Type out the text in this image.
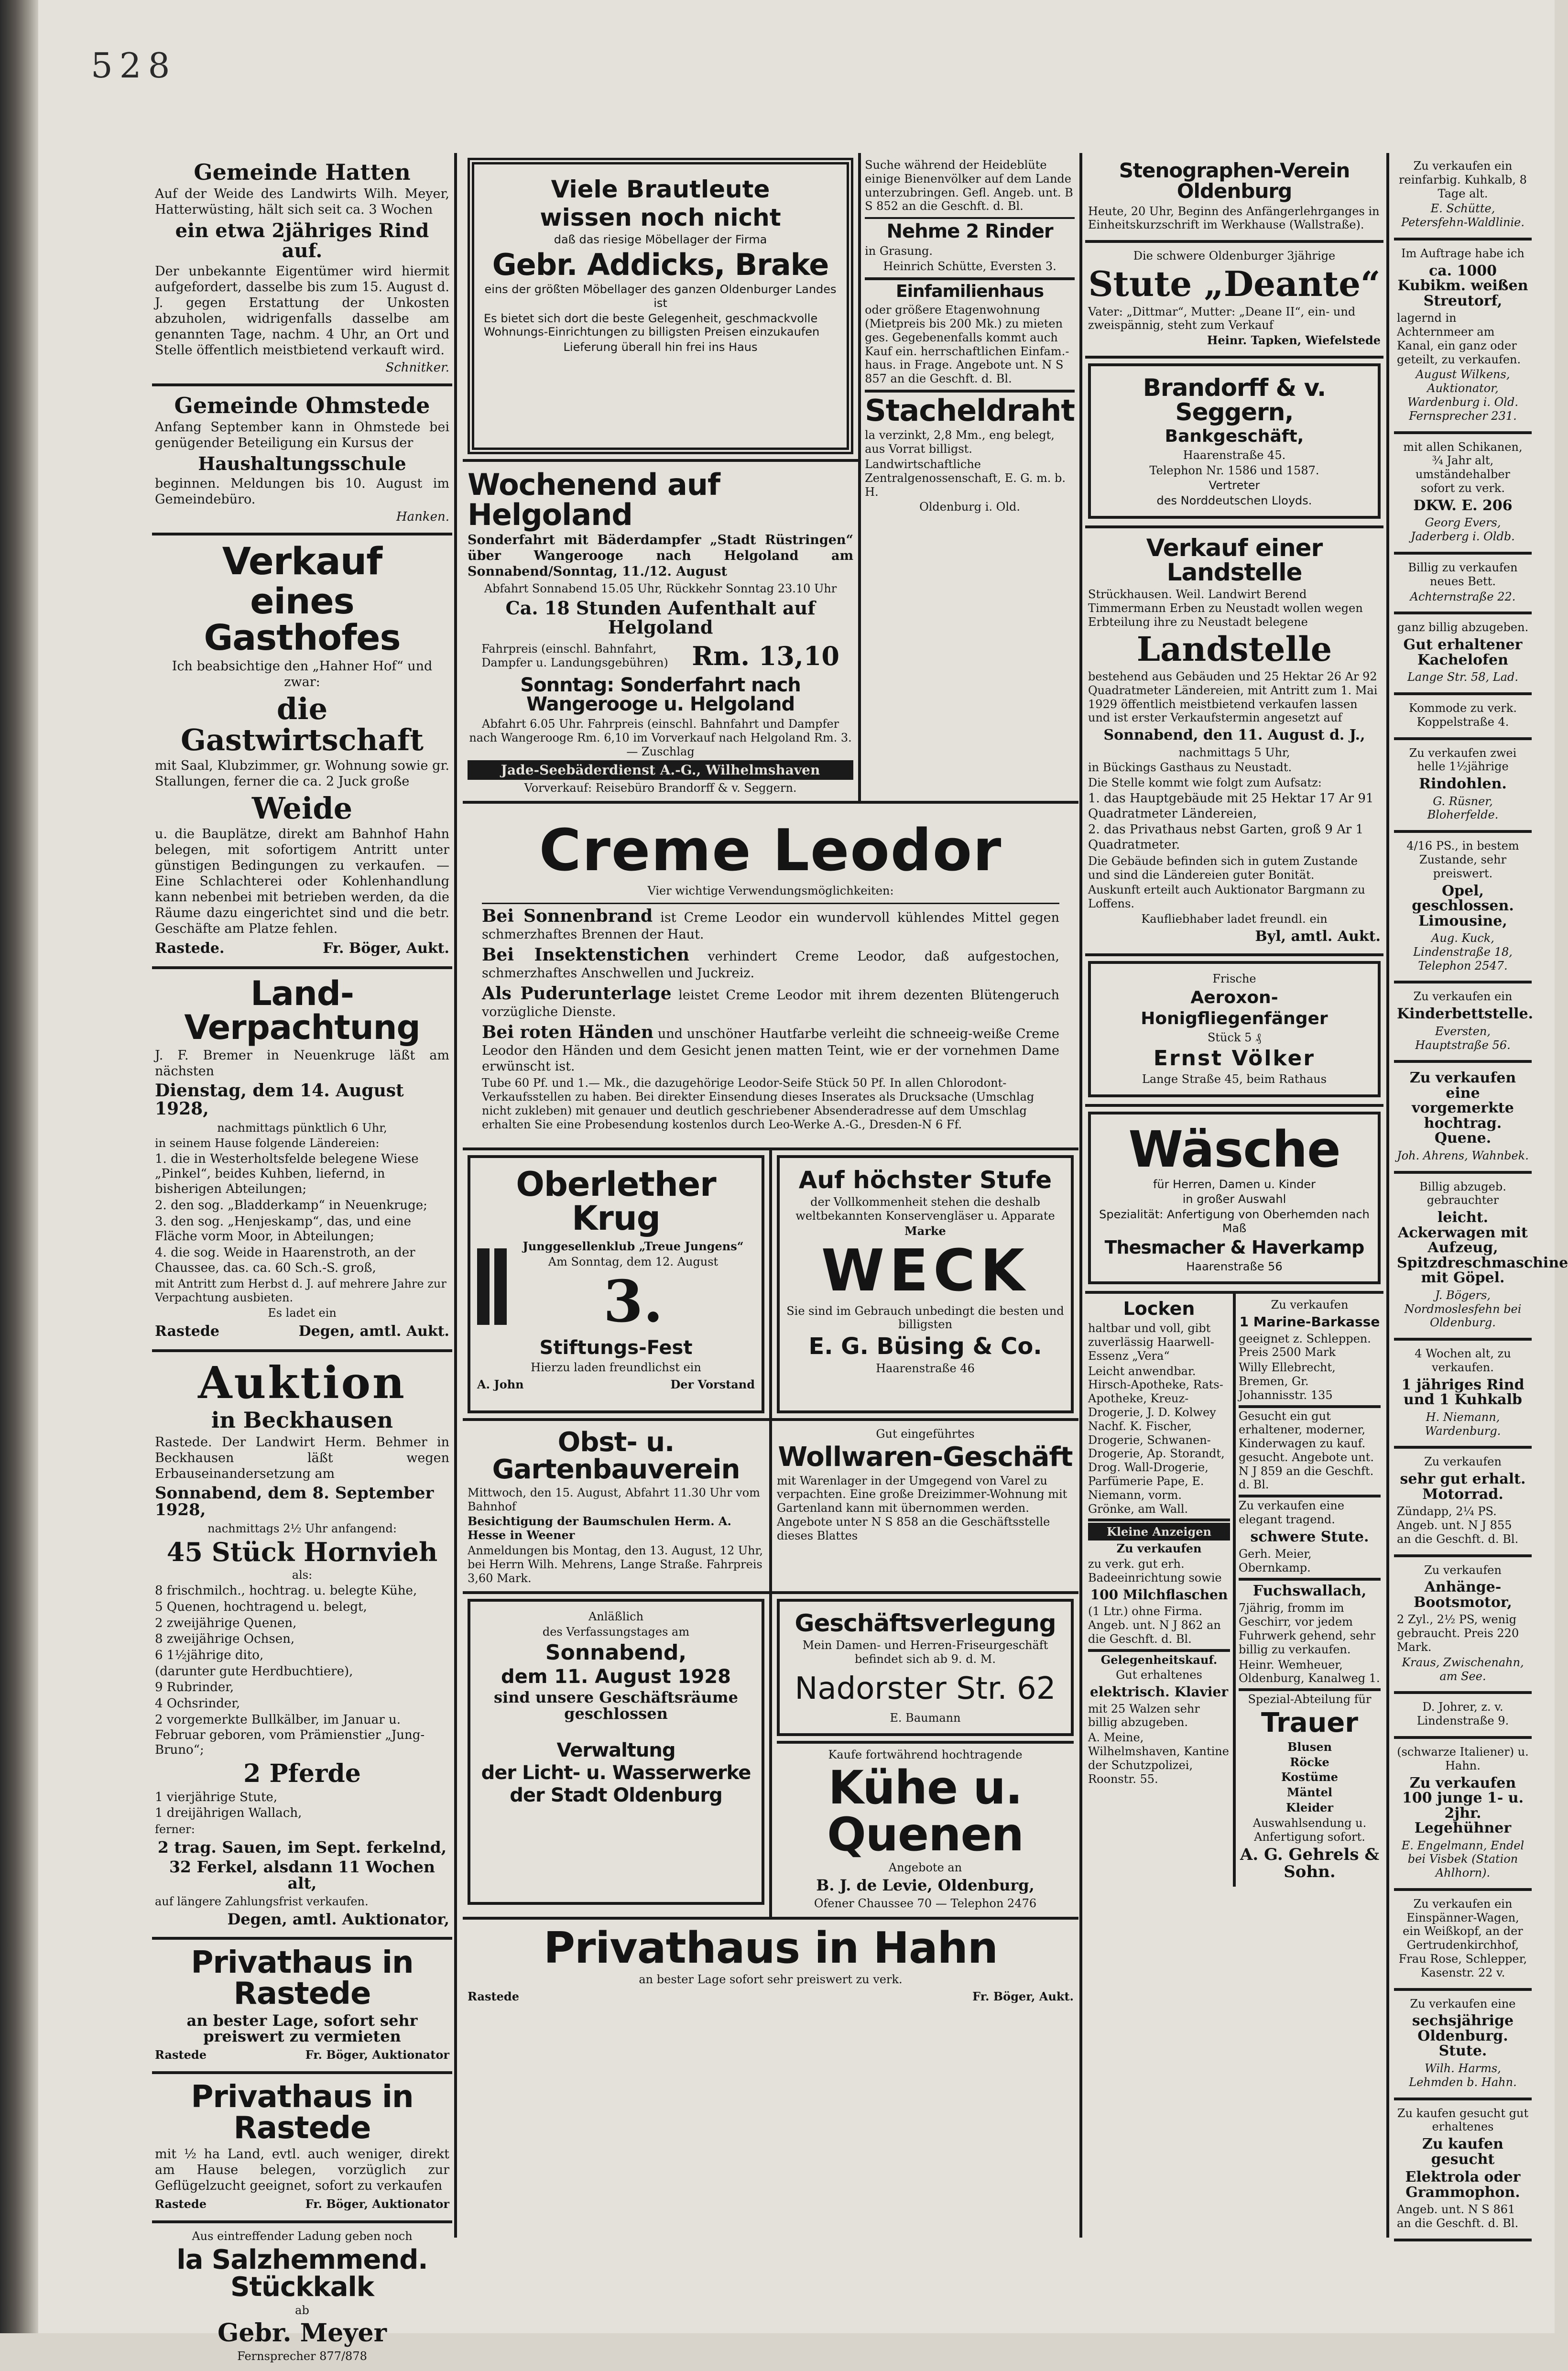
528
Gemeinde Hatten
Auf der Weide des Landwirts Wilh. Meyer, Hatterwüsting, hält sich seit ca. 3 Wochen
ein etwa 2jähriges Rind auf.
Der unbekannte Eigentümer wird hiermit aufgefordert, dasselbe bis zum 15. August d. J. gegen Erstattung der Unkosten abzuholen, widrigenfalls dasselbe am genannten Tage, nachm. 4 Uhr, an Ort und Stelle öffentlich meistbietend verkauft wird.
Schnitker.
Gemeinde Ohmstede
Anfang September kann in Ohmstede bei genügender Beteiligung ein Kursus der
Haushaltungsschule
beginnen. Meldungen bis 10. August im Gemeindebüro.
Hanken.
Verkauf
eines Gasthofes
Ich beabsichtige den „Hahner Hof“ und zwar:
die Gastwirtschaft
mit Saal, Klubzimmer, gr. Wohnung sowie gr. Stallungen, ferner die ca. 2 Juck große
Weide
u. die Bauplätze, direkt am Bahnhof Hahn belegen, mit sofortigem Antritt unter günstigen Bedingungen zu verkaufen. — Eine Schlachterei oder Kohlenhandlung kann nebenbei mit betrieben werden, da die Räume dazu eingerichtet sind und die betr. Geschäfte am Platze fehlen.
Rastede.	Fr. Böger, Aukt.
Land-Verpachtung
J. F. Bremer in Neuenkruge läßt am nächsten
Dienstag, dem 14. August 1928,
nachmittags pünktlich 6 Uhr,
in seinem Hause folgende Ländereien:
1. die in Westerholtsfelde belegene Wiese „Pinkel“, beides Kuhben, liefernd, in bisherigen Abteilungen;
2. den sog. „Bladderkamp“ in Neuenkruge;
3. den sog. „Henjeskamp“, das, und eine Fläche vorm Moor, in Abteilungen;
4. die sog. Weide in Haarenstroth, an der Chaussee, das. ca. 60 Sch.-S. groß,
mit Antritt zum Herbst d. J. auf mehrere Jahre zur Verpachtung ausbieten.
Es ladet ein
Rastede	Degen, amtl. Aukt.
Auktion
in Beckhausen
Rastede. Der Landwirt Herm. Behmer in Beckhausen läßt wegen Erbauseinandersetzung am
Sonnabend, dem 8. September 1928,
nachmittags 2½ Uhr anfangend:
45 Stück Hornvieh
als:
8 frischmilch., hochtrag. u. belegte Kühe,
5 Quenen, hochtragend u. belegt,
2 zweijährige Quenen,
8 zweijährige Ochsen,
6 1½jährige dito,
(darunter gute Herdbuchtiere),
9 Rubrinder,
4 Ochsrinder,
2 vorgemerkte Bullkälber, im Januar u. Februar geboren, vom Prämienstier „Jung-Bruno“;
2 Pferde
1 vierjährige Stute,
1 dreijährigen Wallach,
ferner:
2 trag. Sauen, im Sept. ferkelnd,
32 Ferkel, alsdann 11 Wochen alt,
auf längere Zahlungsfrist verkaufen.
Degen, amtl. Auktionator,
Privathaus in Rastede
an bester Lage, sofort sehr preiswert zu vermieten
Rastede	Fr. Böger, Auktionator
Privathaus in Rastede
mit ½ ha Land, evtl. auch weniger, direkt am Hause belegen, vorzüglich zur Geflügelzucht geeignet, sofort zu verkaufen
Rastede	Fr. Böger, Auktionator
Aus eintreffender Ladung geben noch
la Salzhemmend. Stückkalk
ab
Gebr. Meyer
Fernsprecher 877/878
Viele Brautleute
wissen noch nicht
daß das riesige Möbellager der Firma
Gebr. Addicks, Brake
eins der größten Möbellager des ganzen Oldenburger Landes ist
Es bietet sich dort die beste Gelegenheit, geschmackvolle Wohnungs-Einrichtungen zu billigsten Preisen einzukaufen
Lieferung überall hin frei ins Haus
Wochenend auf Helgoland
Sonderfahrt mit Bäderdampfer „Stadt Rüstringen“ über Wangerooge nach Helgoland am Sonnabend/Sonntag, 11./12. August
Abfahrt Sonnabend 15.05 Uhr, Rückkehr Sonntag 23.10 Uhr
Ca. 18 Stunden Aufenthalt auf Helgoland
Fahrpreis (einschl. Bahnfahrt, Dampfer u. Landungsgebühren) Rm. 13,10
Sonntag: Sonderfahrt nach Wangerooge u. Helgoland
Abfahrt 6.05 Uhr. Fahrpreis (einschl. Bahnfahrt und Dampfer nach Wangerooge Rm. 6,10 im Vorverkauf nach Helgoland Rm. 3.— Zuschlag
Jade-Seebäderdienst A.-G., Wilhelmshaven
Vorverkauf: Reisebüro Brandorff & v. Seggern.
Suche während der Heideblüte einige Bienenvölker auf dem Lande unterzubringen. Gefl. Angeb. unt. B S 852 an die Geschft. d. Bl.
Nehme 2 Rinder
in Grasung.
Heinrich Schütte, Eversten 3.
Einfamilienhaus
oder größere Etagenwohnung (Mietpreis bis 200 Mk.) zu mieten ges. Gegebenenfalls kommt auch Kauf ein. herrschaftlichen Einfam.-haus. in Frage. Angebote unt. N S 857 an die Geschft. d. Bl.
Stacheldraht
la verzinkt, 2,8 Mm., eng belegt, aus Vorrat billigst.
Landwirtschaftliche Zentralgenossenschaft, E. G. m. b. H.
Oldenburg i. Old.
Creme Leodor
Vier wichtige Verwendungsmöglichkeiten:
Bei Sonnenbrand ist Creme Leodor ein wundervoll kühlendes Mittel gegen schmerzhaftes Brennen der Haut.
Bei Insektenstichen verhindert Creme Leodor, daß aufgestochen, schmerzhaftes Anschwellen und Juckreiz.
Als Puderunterlage leistet Creme Leodor mit ihrem dezenten Blütengeruch vorzügliche Dienste.
Bei roten Händen und unschöner Hautfarbe verleiht die schneeig-weiße Creme Leodor den Händen und dem Gesicht jenen matten Teint, wie er der vornehmen Dame erwünscht ist.
Tube 60 Pf. und 1.— Mk., die dazugehörige Leodor-Seife Stück 50 Pf. In allen Chlorodont-Verkaufsstellen zu haben. Bei direkter Einsendung dieses Inserates als Drucksache (Umschlag nicht zukleben) mit genauer und deutlich geschriebener Absenderadresse auf dem Umschlag erhalten Sie eine Probesendung kostenlos durch Leo-Werke A.-G., Dresden-N 6 Ff.
Oberlether Krug
Junggesellenklub „Treue Jungens“
Am Sonntag, dem 12. August
3.
Stiftungs-Fest
Hierzu laden freundlichst ein
A. John	Der Vorstand
Auf höchster Stufe
der Vollkommenheit stehen die deshalb weltbekannten Konservengläser u. Apparate
Marke
WECK
Sie sind im Gebrauch unbedingt die besten und billigsten
E. G. Büsing & Co.
Haarenstraße 46
Obst- u. Gartenbauverein
Mittwoch, den 15. August, Abfahrt 11.30 Uhr vom Bahnhof
Besichtigung der Baumschulen Herm. A. Hesse in Weener
Anmeldungen bis Montag, den 13. August, 12 Uhr, bei Herrn Wilh. Mehrens, Lange Straße. Fahrpreis 3,60 Mark.
Gut eingeführtes
Wollwaren-Geschäft
mit Warenlager in der Umgegend von Varel zu verpachten. Eine große Dreizimmer-Wohnung mit Gartenland kann mit übernommen werden. Angebote unter N S 858 an die Geschäftsstelle dieses Blattes
Anläßlich
des Verfassungstages am
Sonnabend,
dem 11. August 1928
sind unsere Geschäftsräume geschlossen
Verwaltung
der Licht- u. Wasserwerke
der Stadt Oldenburg
Geschäftsverlegung
Mein Damen- und Herren-Friseurgeschäft befindet sich ab 9. d. M.
Nadorster Str. 62
E. Baumann
Kaufe fortwährend hochtragende
Kühe u. Quenen
Angebote an
B. J. de Levie, Oldenburg,
Ofener Chaussee 70 — Telephon 2476
Privathaus in Hahn
an bester Lage sofort sehr preiswert zu verk.
Rastede	Fr. Böger, Aukt.
Stenographen-Verein Oldenburg
Heute, 20 Uhr, Beginn des Anfängerlehrganges in Einheitskurzschrift im Werkhause (Wallstraße).
Die schwere Oldenburger 3jährige
Stute „Deante“
Vater: „Dittmar“, Mutter: „Deane II“, ein- und zweispännig, steht zum Verkauf
Heinr. Tapken, Wiefelstede
Brandorff & v. Seggern,
Bankgeschäft,
Haarenstraße 45.
Telephon Nr. 1586 und 1587.
Vertreter
des Norddeutschen Lloyds.
Verkauf einer Landstelle
Strückhausen. Weil. Landwirt Berend Timmermann Erben zu Neustadt wollen wegen Erbteilung ihre zu Neustadt belegene
Landstelle
bestehend aus Gebäuden und 25 Hektar 26 Ar 92 Quadratmeter Ländereien, mit Antritt zum 1. Mai 1929 öffentlich meistbietend verkaufen lassen und ist erster Verkaufstermin angesetzt auf
Sonnabend, den 11. August d. J.,
nachmittags 5 Uhr,
in Bückings Gasthaus zu Neustadt.
Die Stelle kommt wie folgt zum Aufsatz:
1. das Hauptgebäude mit 25 Hektar 17 Ar 91 Quadratmeter Ländereien,
2. das Privathaus nebst Garten, groß 9 Ar 1 Quadratmeter.
Die Gebäude befinden sich in gutem Zustande und sind die Ländereien guter Bonität.
Auskunft erteilt auch Auktionator Bargmann zu Loffens.
Kaufliebhaber ladet freundl. ein
Byl, amtl. Aukt.
Frische
Aeroxon-
Honigfliegenfänger
Stück 5 ₰
Ernst Völker
Lange Straße 45, beim Rathaus
Wäsche
für Herren, Damen u. Kinder
in großer Auswahl
Spezialität: Anfertigung von Oberhemden nach Maß
Thesmacher & Haverkamp
Haarenstraße 56
Locken
haltbar und voll, gibt zuverlässig Haarwell-Essenz „Vera“
Leicht anwendbar. Hirsch-Apotheke, Rats-Apotheke, Kreuz-Drogerie, J. D. Kolwey Nachf. K. Fischer, Drogerie, Schwanen-Drogerie, Ap. Storandt, Drog. Wall-Drogerie, Parfümerie Pape, E. Niemann, vorm. Grönke, am Wall.
Kleine Anzeigen
Zu verkaufen
zu verk. gut erh. Badeeinrichtung sowie
100 Milchflaschen
(1 Ltr.) ohne Firma. Angeb. unt. N J 862 an die Geschft. d. Bl.
Gelegenheitskauf.
Gut erhaltenes
elektrisch. Klavier
mit 25 Walzen sehr billig abzugeben.
A. Meine, Wilhelmshaven, Kantine der Schutzpolizei, Roonstr. 55.
Zu verkaufen
1 Marine-Barkasse
geeignet z. Schleppen. Preis 2500 Mark
Willy Ellebrecht, Bremen, Gr. Johannisstr. 135
Gesucht ein gut erhaltener, moderner, Kinderwagen zu kauf. gesucht. Angebote unt. N J 859 an die Geschft. d. Bl.
Zu verkaufen eine elegant tragend.
schwere Stute.
Gerh. Meier, Obernkamp.
Fuchswallach,
7jährig, fromm im Geschirr, vor jedem Fuhrwerk gehend, sehr billig zu verkaufen.
Heinr. Wemheuer, Oldenburg, Kanalweg 1.
Spezial-Abteilung für
Trauer
Blusen
Röcke
Kostüme
Mäntel
Kleider
Auswahlsendung u. Anfertigung sofort.
A. G. Gehrels & Sohn.
Zu verkaufen ein reinfarbig. Kuhkalb, 8 Tage alt.
E. Schütte, Petersfehn-Waldlinie.
Im Auftrage habe ich
ca. 1000 Kubikm. weißen Streutorf,
lagernd in Achternmeer am Kanal, ein ganz oder geteilt, zu verkaufen.
August Wilkens, Auktionator, Wardenburg i. Old. Fernsprecher 231.
mit allen Schikanen, ¾ Jahr alt, umständehalber sofort zu verk.
DKW. E. 206
Georg Evers, Jaderberg i. Oldb.
Billig zu verkaufen neues Bett.
Achternstraße 22.
ganz billig abzugeben.
Gut erhaltener Kachelofen
Lange Str. 58, Lad.
Kommode zu verk. Koppelstraße 4.
Zu verkaufen zwei helle 1½jährige
Rindohlen.
G. Rüsner, Bloherfelde.
4/16 PS., in bestem Zustande, sehr preiswert.
Opel, geschlossen. Limousine,
Aug. Kuck, Lindenstraße 18, Telephon 2547.
Zu verkaufen ein
Kinderbettstelle.
Eversten, Hauptstraße 56.
Zu verkaufen eine vorgemerkte hochtrag. Quene.
Joh. Ahrens, Wahnbek.
Billig abzugeb. gebrauchter
leicht. Ackerwagen mit Aufzeug, Spitzdreschmaschine mit Göpel.
J. Bögers, Nordmoslesfehn bei Oldenburg.
4 Wochen alt, zu verkaufen.
1 jähriges Rind und 1 Kuhkalb
H. Niemann, Wardenburg.
Zu verkaufen
sehr gut erhalt. Motorrad.
Zündapp, 2¼ PS. Angeb. unt. N J 855 an die Geschft. d. Bl.
Zu verkaufen
Anhänge-Bootsmotor,
2 Zyl., 2½ PS, wenig gebraucht. Preis 220 Mark.
Kraus, Zwischenahn, am See.
D. Johrer, z. v. Lindenstraße 9.
(schwarze Italiener) u. Hahn.
Zu verkaufen 100 junge 1- u. 2jhr. Legehühner
E. Engelmann, Endel bei Visbek (Station Ahlhorn).
Zu verkaufen ein Einspänner-Wagen, ein Weißkopf, an der Gertrudenkirchhof, Frau Rose, Schlepper, Kasenstr. 22 v.
Zu verkaufen eine
sechsjährige Oldenburg. Stute.
Wilh. Harms, Lehmden b. Hahn.
Zu kaufen gesucht gut erhaltenes
Zu kaufen gesucht
Elektrola oder Grammophon.
Angeb. unt. N S 861 an die Geschft. d. Bl.
